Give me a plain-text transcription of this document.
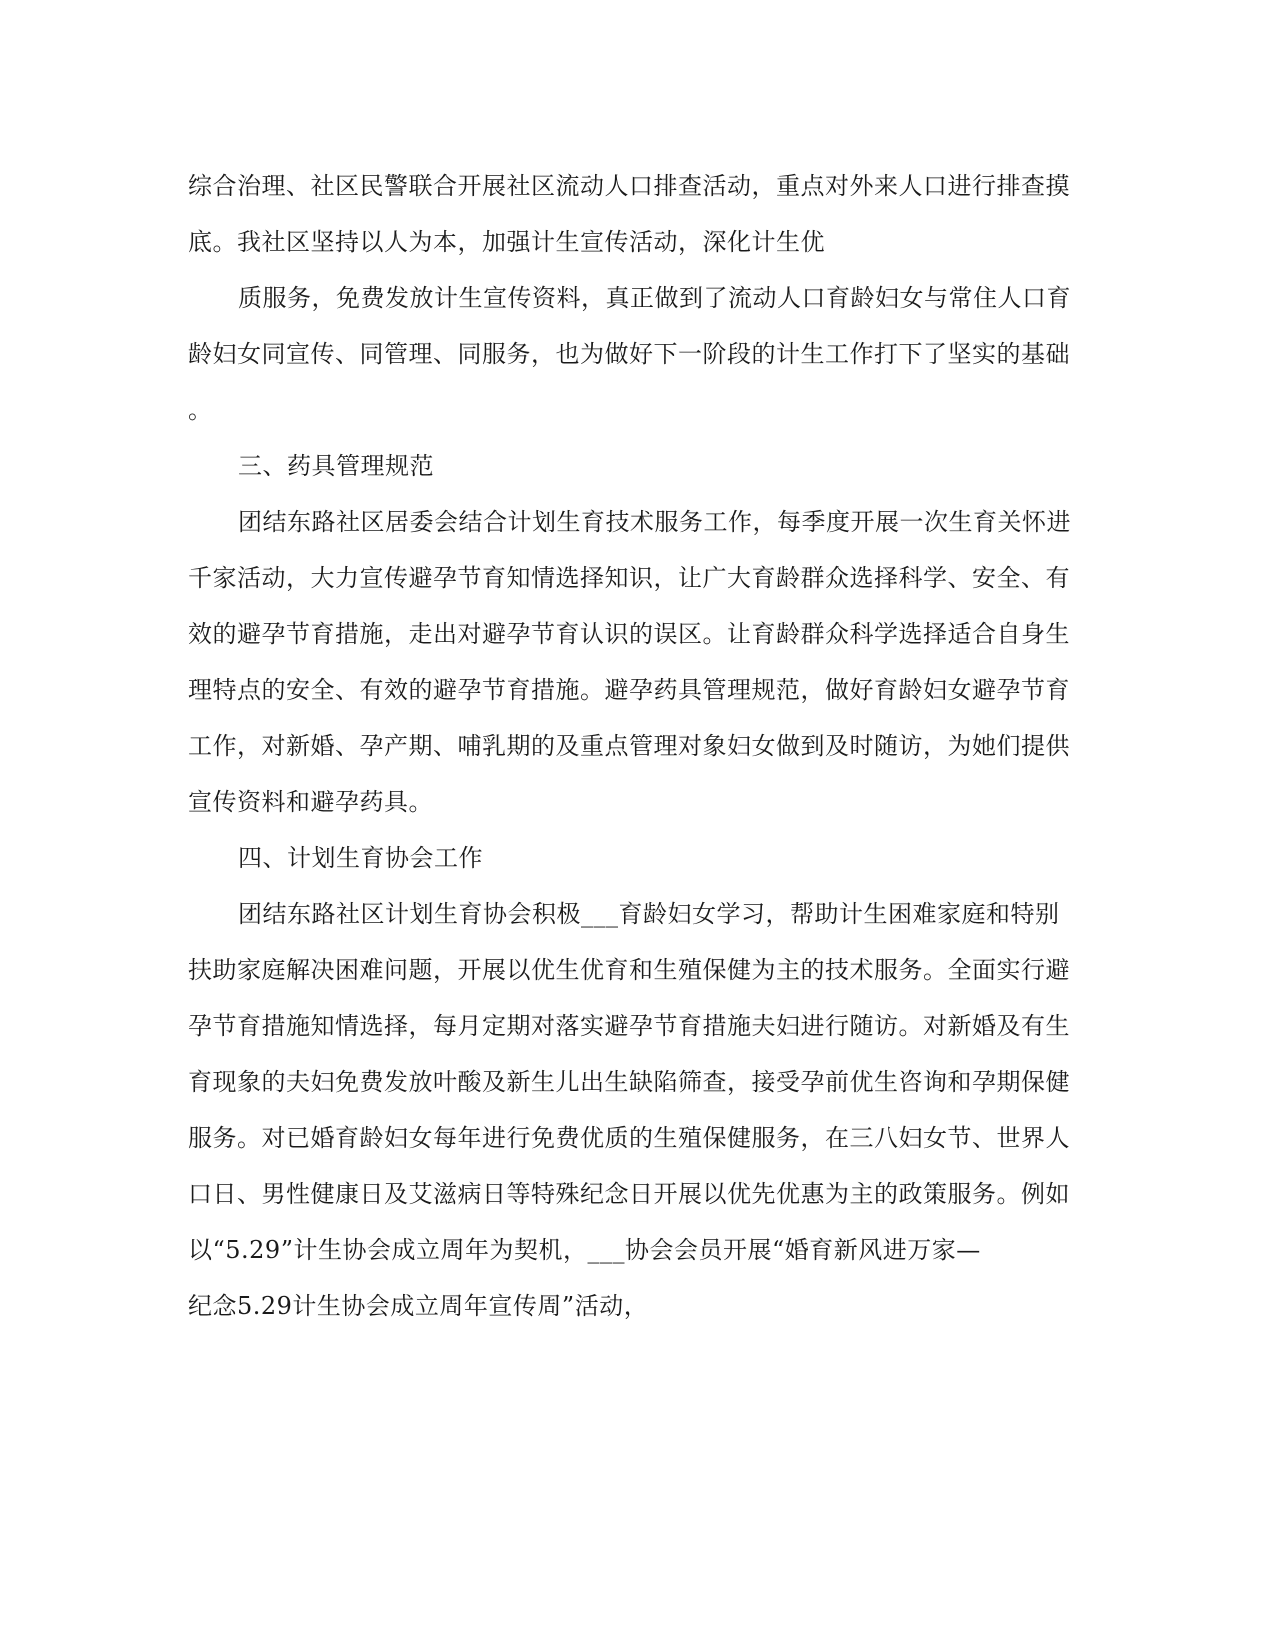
综合治理、社区民警联合开展社区流动人口排查活动，重点对外来人口进行排查摸
底。我社区坚持以人为本，加强计生宣传活动，深化计生优
质服务，免费发放计生宣传资料，真正做到了流动人口育龄妇女与常住人口育
龄妇女同宣传、同管理、同服务，也为做好下一阶段的计生工作打下了坚实的基础
。
三、药具管理规范
团结东路社区居委会结合计划生育技术服务工作，每季度开展一次生育关怀进
千家活动，大力宣传避孕节育知情选择知识，让广大育龄群众选择科学、安全、有
效的避孕节育措施，走出对避孕节育认识的误区。让育龄群众科学选择适合自身生
理特点的安全、有效的避孕节育措施。避孕药具管理规范，做好育龄妇女避孕节育
工作，对新婚、孕产期、哺乳期的及重点管理对象妇女做到及时随访，为她们提供
宣传资料和避孕药具。
四、计划生育协会工作
团结东路社区计划生育协会积极___育龄妇女学习，帮助计生困难家庭和特别
扶助家庭解决困难问题，开展以优生优育和生殖保健为主的技术服务。全面实行避
孕节育措施知情选择，每月定期对落实避孕节育措施夫妇进行随访。对新婚及有生
育现象的夫妇免费发放叶酸及新生儿出生缺陷筛查，接受孕前优生咨询和孕期保健
服务。对已婚育龄妇女每年进行免费优质的生殖保健服务，在三八妇女节、世界人
口日、男性健康日及艾滋病日等特殊纪念日开展以优先优惠为主的政策服务。例如
以“5.29”计生协会成立周年为契机，___协会会员开展“婚育新风进万家—
纪念5.29计生协会成立周年宣传周”活动，
